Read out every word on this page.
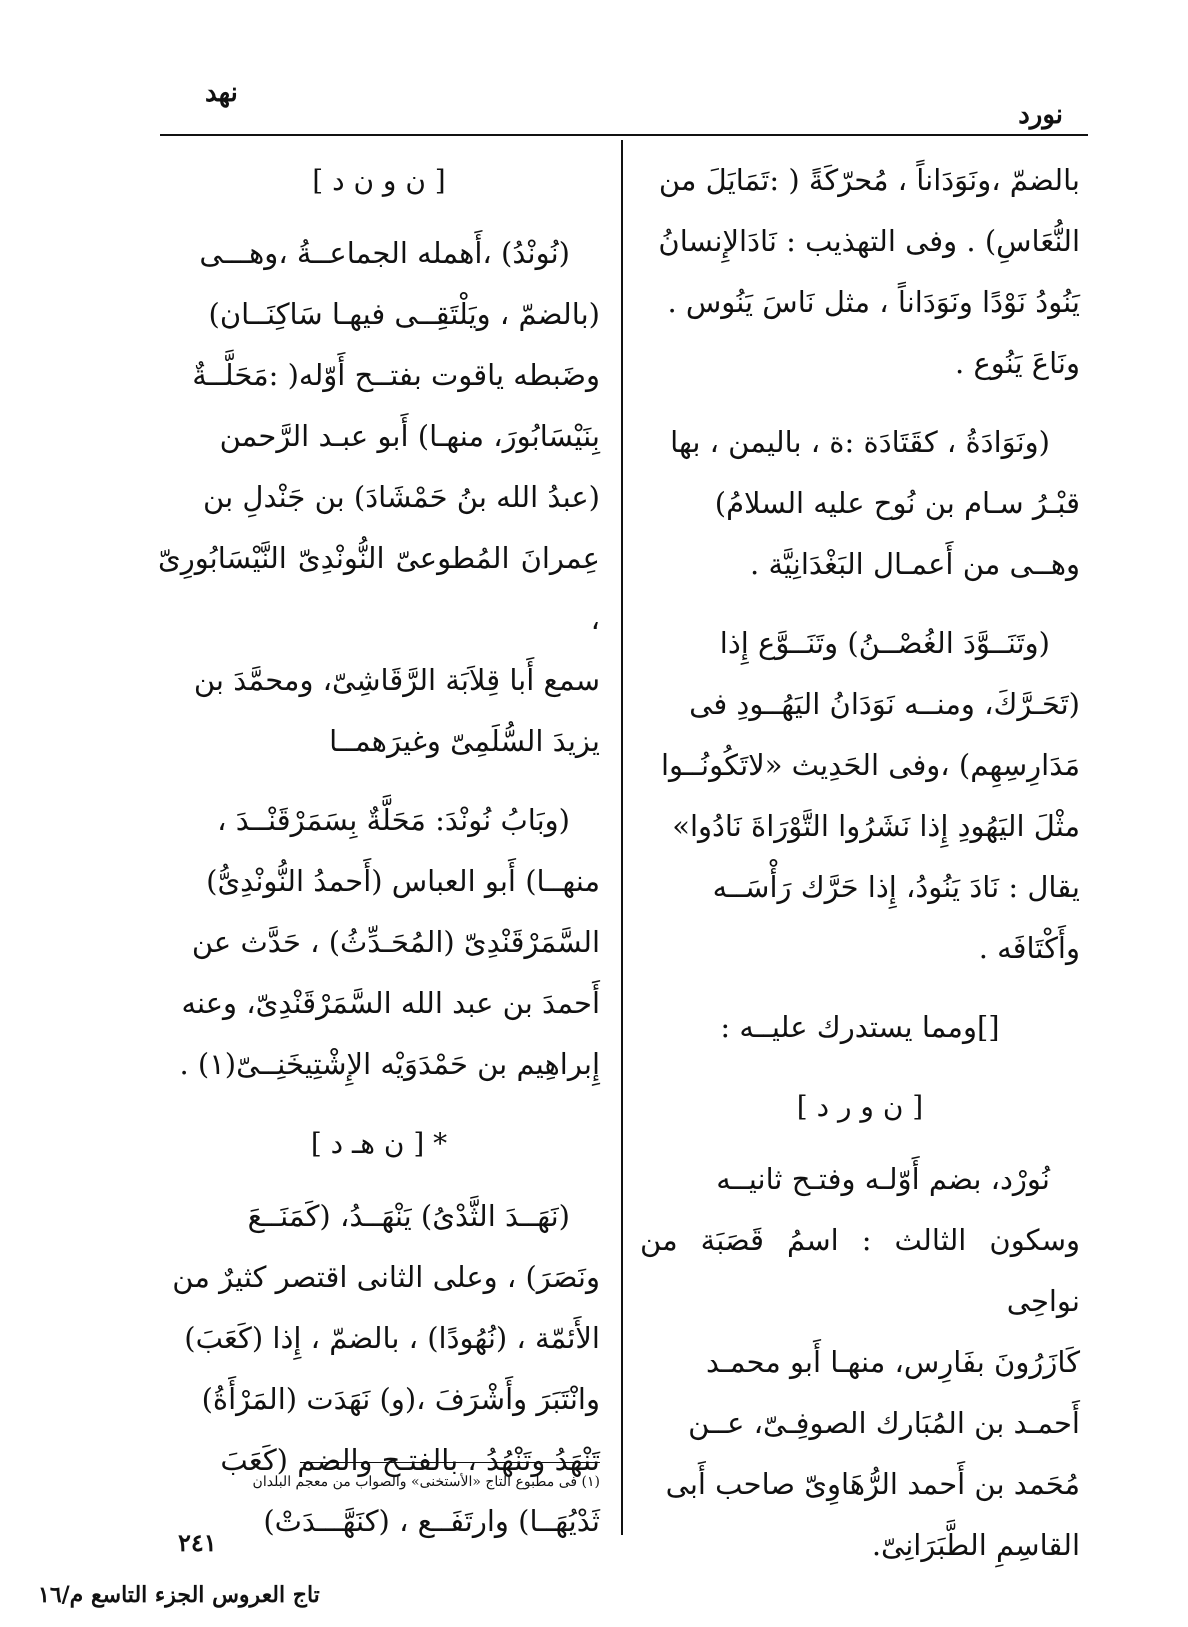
نورد
نهد

بالضمّ ،ونَوَدَاناً ، مُحرّكَةً ( :تَمَايَلَ من

النُّعَاسِ) . وفى التهذيب : نَادَالإِنسانُ

يَنُودُ نَوْدًا ونَوَدَاناً ، مثل نَاسَ يَنُوس .

ونَاعَ يَنُوع .

(ونَوَادَةُ ، كقَتَادَة :ة ، باليمن ، بها

قبْـرُ سـام بن نُوح عليه السلامُ)

وهــى من أَعمـال البَغْدَانِيَّة .

(وتَنَــوَّدَ الغُصْــنُ) وتَنَــوَّع إِذا

(تَحَـرَّكَ، ومنــه نَوَدَانُ اليَهُــودِ فى

مَدَارِسِهِم) ،وفى الحَدِيث «لاتَكُونُــوا

مثْلَ اليَهُودِ إِذا نَشَرُوا التَّوْرَاةَ نَادُوا»

يقال : نَادَ يَنُودُ، إِذا حَرَّك رَأْسَــه

وأَكْتَافَه .

[]ومما يستدرك عليــه :
[ ن و ر د ]

نُورْد، بضم أَوّلـه وفتـح ثانيــه

وسكون الثالث : اسمُ قَصَبَة من نواحِى

كَازَرُونَ بفَارِس، منهـا أَبو محمـد

أَحمـد بن المُبَارك الصوفِـىّ، عــن

مُحَمد بن أَحمد الرُّهَاوِىّ صاحب أَبى

القاسِمِ الطَّبَرَانِىّ.

[ ن و ن د ]

(نُونْدُ) ،أَهمله الجماعــةُ ،وهـــى

(بالضمّ ، ويَلْتَقِــى فيهـا سَاكِنَــان)

وضَبطه ياقوت بفتــح أَوّله( :مَحَلَّــةٌ

بِنَيْسَابُورَ، منهـا) أَبو عبـد الرَّحمن

(عبدُ الله بنُ حَمْشَادَ) بن جَنْدلِ بن

عِمرانَ المُطوعىّ النُّونْدِىّ النَّيْسَابُورِىّ ،

سمع أَبا قِلاَبَة الرَّقَاشِىّ، ومحمَّدَ بن

يزيدَ السُّلَمِىّ وغيرَهمــا

(وبَابُ نُونْدَ: مَحَلَّةٌ بِسَمَرْقَنْــدَ ،

منهــا) أَبو العباس (أَحمدُ النُّونْدِىُّ)

السَّمَرْقَنْدِىّ (المُحَـدِّثُ) ، حَدَّث عن

أَحمدَ بن عبد الله السَّمَرْقَنْدِىّ، وعنه

إِبراهِيم بن حَمْدَوَيْه الإِشْتِيخَنِــىّ(١) .

* [ ن هـ د ]

(نَهَــدَ الثَّدْىُ) يَنْهَــدُ، (كَمَنَــعَ

ونَصَرَ) ، وعلى الثانى اقتصر كثيرٌ من

الأَئمّة ، (نُهُودًا) ، بالضمّ ، إِذا (كَعَبَ)

وانْتَبَرَ وأَشْرَفَ ،(و) نَهَدَت (المَرْأَةُ)

تَنْهَدُ وتَنْهُدُ ، بالفتـح والضم (كَعَبَ

ثَدْيُهَــا) وارتَفَــع ، (كنَهَّـــدَتْ)

(١) فى مطبوع التاج «الأستخنى» والصواب من معجم البلدان
٢٤١
تاج العروس الجزء التاسع م/١٦
